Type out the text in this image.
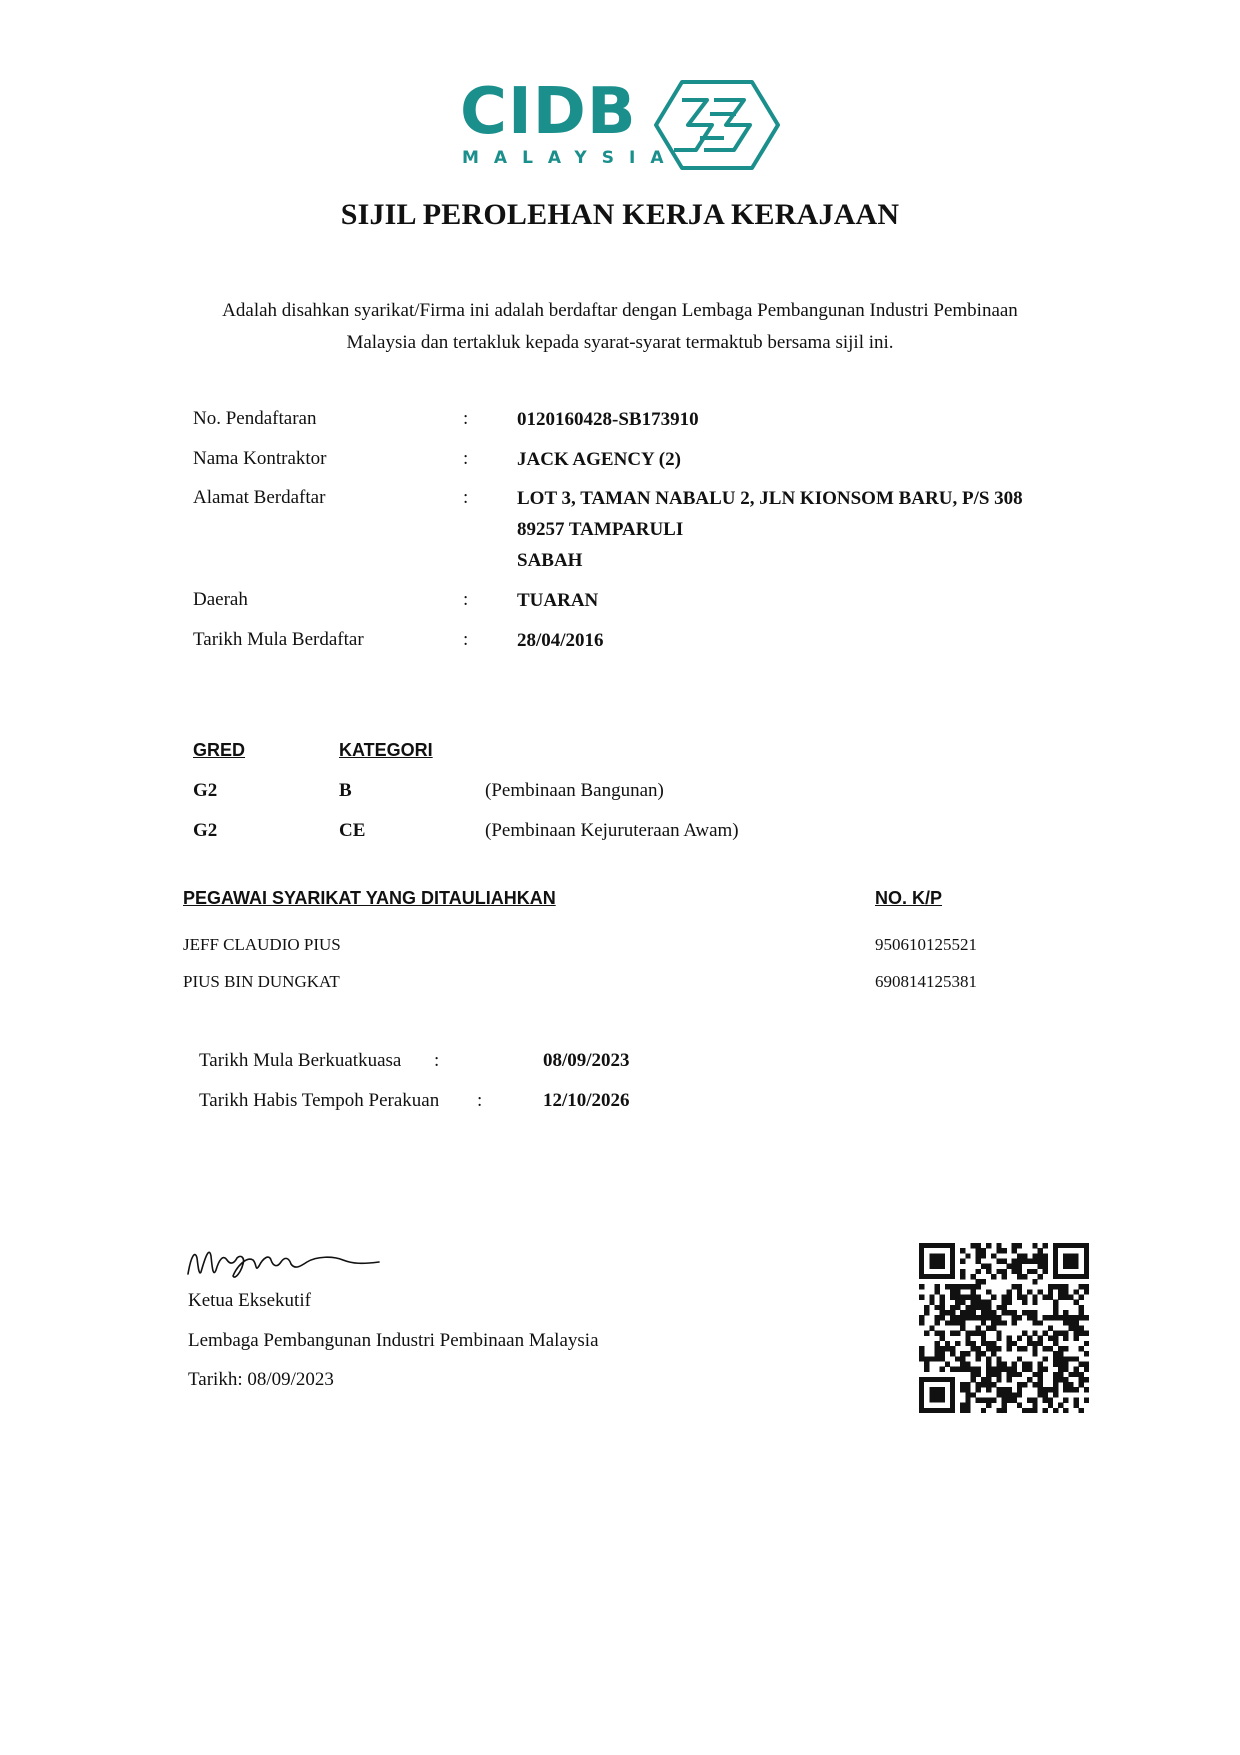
CIDB
MALAYSIA
SIJIL PEROLEHAN KERJA KERAJAAN
Adalah disahkan syarikat/Firma ini adalah berdaftar dengan Lembaga Pembangunan Industri Pembinaan
Malaysia dan tertakluk kepada syarat-syarat termaktub bersama sijil ini.
No. Pendaftaran	:	0120160428-SB173910
Nama Kontraktor	:	JACK AGENCY (2)
Alamat Berdaftar	:	LOT 3, TAMAN NABALU 2, JLN KIONSOM BARU, P/S 308
89257 TAMPARULI
SABAH
Daerah	:	TUARAN
Tarikh Mula Berdaftar	:	28/04/2016
GRED	KATEGORI
G2	B	(Pembinaan Bangunan)
G2	CE	(Pembinaan Kejuruteraan Awam)
PEGAWAI SYARIKAT YANG DITAULIAHKAN	NO. K/P
JEFF CLAUDIO PIUS	950610125521
PIUS BIN DUNGKAT	690814125381
Tarikh Mula Berkuatkuasa :	08/09/2023
Tarikh Habis Tempoh Perakuan :	12/10/2026
Ketua Eksekutif
Lembaga Pembangunan Industri Pembinaan Malaysia
Tarikh: 08/09/2023
